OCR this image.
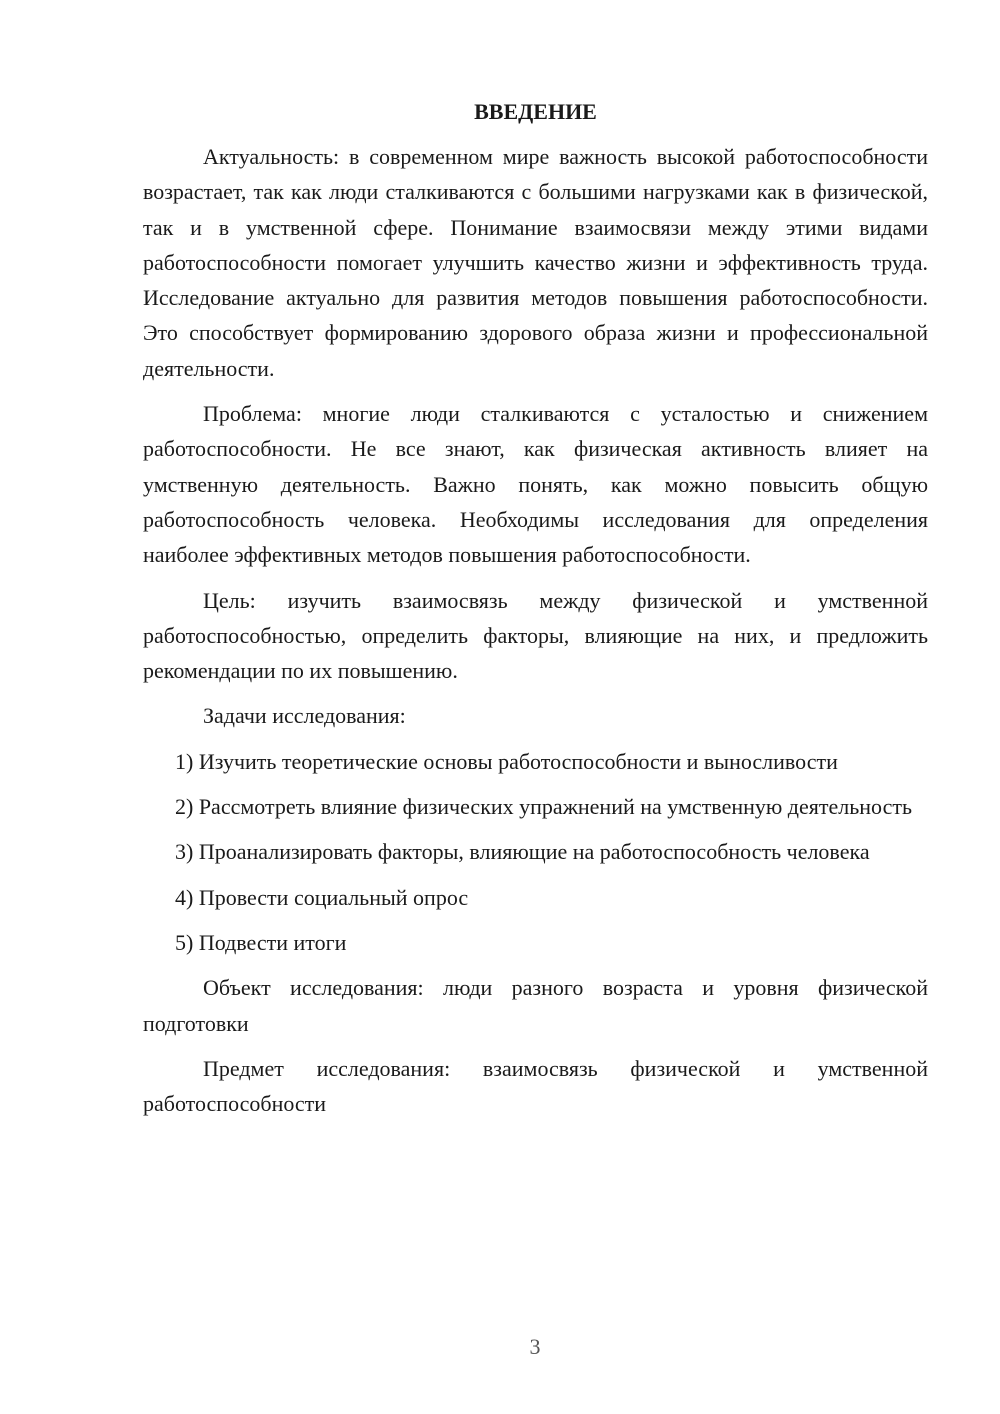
ВВЕДЕНИЕ

Актуальность: в современном мире важность высокой работоспособности возрастает, так как люди сталкиваются с большими нагрузками как в физической, так и в умственной сфере. Понимание взаимосвязи между этими видами работоспособности помогает улучшить качество жизни и эффективность труда. Исследование актуально для развития методов повышения работоспособности. Это способствует формированию здорового образа жизни и профессиональной деятельности.

Проблема: многие люди сталкиваются с усталостью и снижением работоспособности. Не все знают, как физическая активность влияет на умственную деятельность. Важно понять, как можно повысить общую работоспособность человека. Необходимы исследования для определения наиболее эффективных методов повышения работоспособности.

Цель: изучить взаимосвязь между физической и умственной работоспособностью, определить факторы, влияющие на них, и предложить рекомендации по их повышению.

Задачи исследования:

1) Изучить теоретические основы работоспособности и выносливости

2) Рассмотреть влияние физических упражнений на умственную деятельность

3) Проанализировать факторы, влияющие на работоспособность человека

4) Провести социальный опрос

5) Подвести итоги

Объект исследования: люди разного возраста и уровня физической подготовки

Предмет исследования: взаимосвязь физической и умственной работоспособности

3
